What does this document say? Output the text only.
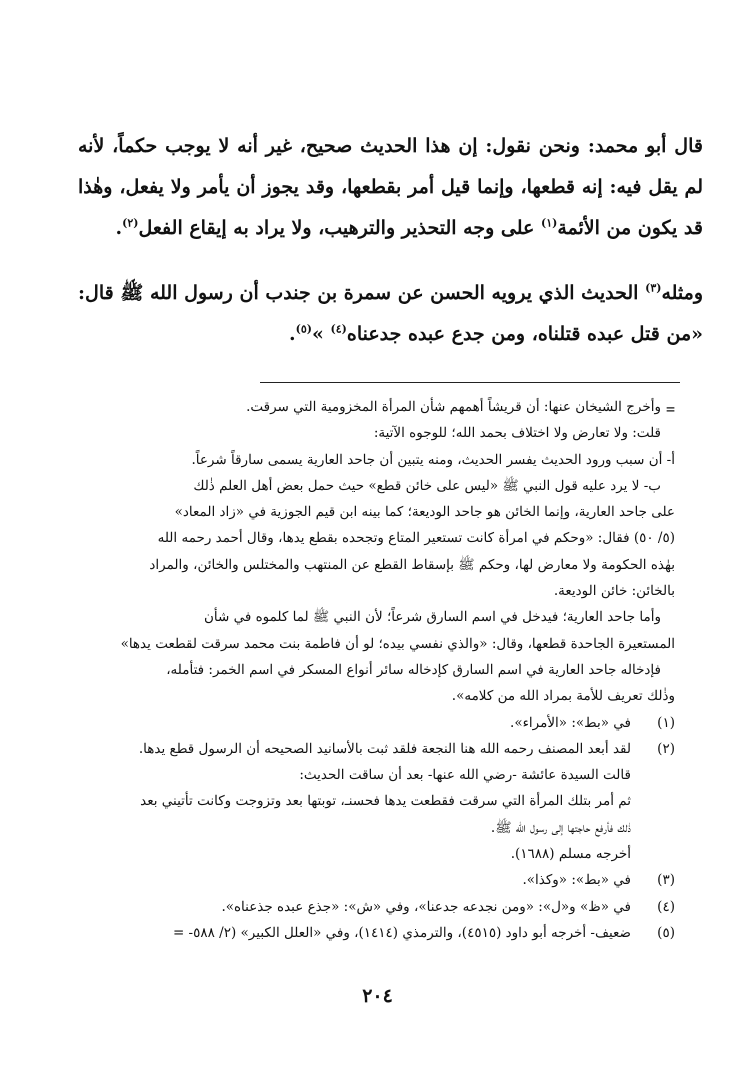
قال أبو محمد: ونحن نقول: إن هذا الحديث صحيح، غير أنه لا يوجب حكماً، لأنه لم يقل فيه: إنه قطعها، وإنما قيل أمر بقطعها، وقد يجوز أن يأمر ولا يفعل، وهٰذا قد يكون من الأئمة$^{(١)}$ على وجه التحذير والترهيب، ولا يراد به إيقاع الفعل$^{(٢)}$.

ومثله$^{(٣)}$ الحديث الذي يرويه الحسن عن سمرة بن جندب أن رسول الله ﷺ قال: «من قتل عبده قتلناه، ومن جدع عبده جدعناه$^{(٤)}$ »$^{(٥)}$.

=
وأخرج الشيخان عنها: أن قريشاً أهمهم شأن المرأة المخزومية التي سرقت.
قلت: ولا تعارض ولا اختلاف بحمد الله؛ للوجوه الآتية:
أ- أن سبب ورود الحديث يفسر الحديث، ومنه يتبين أن جاحد العارية يسمى سارقاً شرعاً.
ب- لا يرد عليه قول النبي ﷺ «ليس على خائن قطع» حيث حمل بعض أهل العلم ذٰلك
على جاحد العارية، وإنما الخائن هو جاحد الوديعة؛ كما بينه ابن قيم الجوزية في «زاد المعاد»
(٥/ ٥٠) فقال: «وحكم في امرأة كانت تستعير المتاع وتجحده بقطع يدها، وقال أحمد رحمه الله
بهٰذه الحكومة ولا معارض لها، وحكم ﷺ بإسقاط القطع عن المنتهب والمختلس والخائن، والمراد
بالخائن: خائن الوديعة.
وأما جاحد العارية؛ فيدخل في اسم السارق شرعاً؛ لأن النبي ﷺ لما كلموه في شأن
المستعيرة الجاحدة قطعها، وقال: «والذي نفسي بيده؛ لو أن فاطمة بنت محمد سرقت لقطعت يدها»
فإدخاله جاحد العارية في اسم السارق كإدخاله سائر أنواع المسكر في اسم الخمر: فتأمله،
وذٰلك تعريف للأمة بمراد الله من كلامه».
(١)
في «بط»: «الأمراء».
(٢)
لقد أبعد المصنف رحمه الله هنا النجعة فلقد ثبت بالأسانيد الصحيحه أن الرسول قطع يدها.
قالت السيدة عائشة -رضي الله عنها- بعد أن ساقت الحديث:
ثم أمر بتلك المرأة التي سرقت فقطعت يدها فحسنـ، توبتها بعد وتزوجت وكانت تأتيني بعد
ذٰلك فأرفع حاجتها إلى رسول الله ﷺ.
أخرجه مسلم (١٦٨٨).
(٣)
في «بط»: «وكذا».
(٤)
في «ظ» و«ل»: «ومن نجدعه جدعنا»، وفي «ش»: «جذع عبده جذعناه».
(٥)
ضعيف- أخرجه أبو داود (٤٥١٥)، والترمذي (١٤١٤)، وفي «العلل الكبير» (٢/ ٥٨٨- =
٢٠٤
